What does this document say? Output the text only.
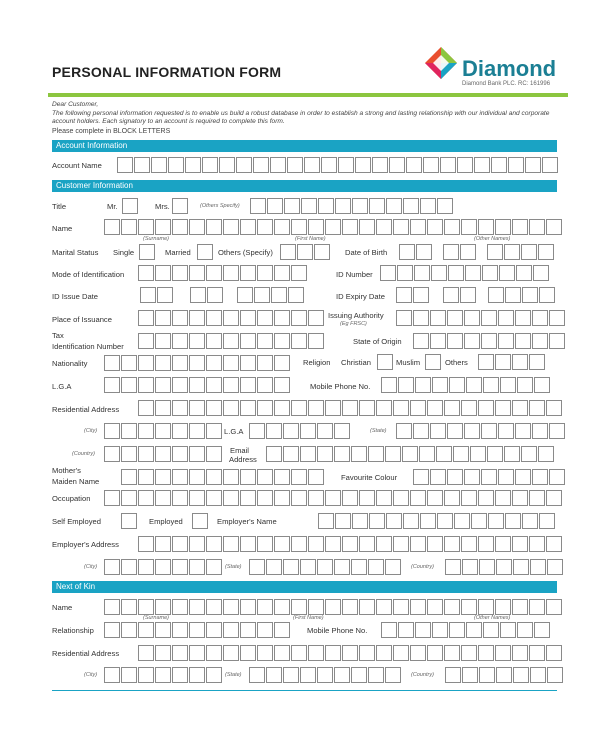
PERSONAL INFORMATION FORM	Diamond
Diamond Bank PLC. RC: 161996
Dear Customer,
The following personal information requested is to enable us build a robust database in order to establish a strong and lasting relationship with our individual and corporate account holders. Each signatory to an account is required to complete this form.
Please complete in BLOCK LETTERS
Account Information
Account Name
Customer Information
Title	Mr.	Mrs.	(Others Specify)
Name
(Surname)	(First Name)	(Other Names)
Marital Status Single	Married	Others (Specify)	Date of Birth
Mode of Identification	ID Number
ID Issue Date	ID Expiry Date
Place of Issuance	Issuing Authority
(Eg FRSC)
Tax
Identification Number
State of Origin
Nationality	Religion Christian	Muslim	Others
L.G.A	Mobile Phone No.
Residential Address
(City)	L.G.A	(State)
(Country)	Email
Address
Mother's
Maiden Name	Favourite Colour
Occupation
Self Employed	Employed	Employer's Name
Employer's Address
(City)	(State)	(Country)
Next of Kin
Name
(Surname)	(First Name)	(Other Names)
Relationship	Mobile Phone No.
Residential Address
(City)	(State)	(Country)
